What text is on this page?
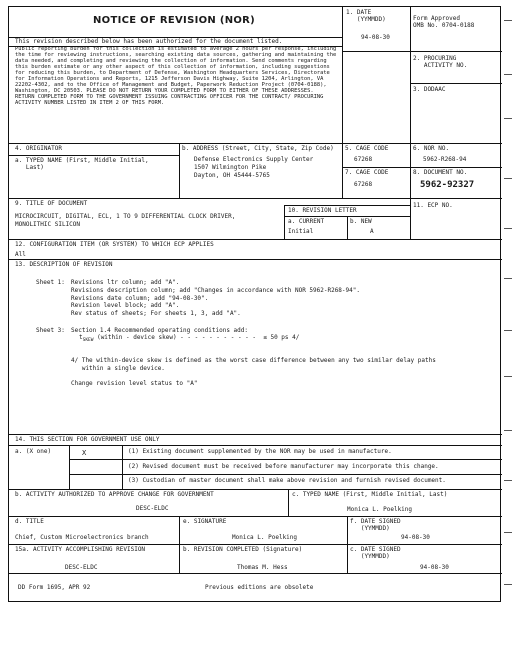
NOTICE OF REVISION (NOR)
This revision described below has been authorized for the document listed.
Public reporting burden for this collection is estimated to average 2 hours per response, including
the time for reviewing instructions, searching existing data sources, gathering and maintaining the
data needed, and completing and reviewing the collection of information. Send comments regarding
this burden estimate or any other aspect of this collection of information, including suggestions
for reducing this burden, to Department of Defense, Washington Headquarters Services, Directorate
for Information Operations and Reports, 1215 Jefferson Davis Highway, Suite 1204, Arlington, VA
22202-4302, and to the Office of Management and Budget, Paperwork Reduction Project (0704-0188),
Washington, DC 20503. PLEASE DO NOT RETURN YOUR COMPLETED FORM TO EITHER OF THESE ADDRESSES.
RETURN COMPLETED FORM TO THE GOVERNMENT ISSUING CONTRACTING OFFICER FOR THE CONTRACT/ PROCURING
ACTIVITY NUMBER LISTED IN ITEM 2 OF THIS FORM.
1. DATE
(YYMMDD)
94-08-30
Form Approved
OMB No. 0704-0188
2. PROCURING
ACTIVITY NO.
3. DODAAC
4. ORIGINATOR
a. TYPED NAME (First, Middle Initial,
Last)
b. ADDRESS (Street, City, State, Zip Code)
Defense Electronics Supply Center
1507 Wilmington Pike
Dayton, OH 45444-5765
5. CAGE CODE
67268
6. NOR NO.
5962-R268-94
7. CAGE CODE
67268
8. DOCUMENT NO.
5962-92327
9. TITLE OF DOCUMENT
MICROCIRCUIT, DIGITAL, ECL, 1 TO 9 DIFFERENTIAL CLOCK DRIVER,
MONOLITHIC SILICON
10. REVISION LETTER
a. CURRENT
Initial
b. NEW
A
11. ECP NO.
12. CONFIGURATION ITEM (OR SYSTEM) TO WHICH ECP APPLIES
All
13. DESCRIPTION OF REVISION
Sheet 1: Revisions ltr column; add "A".
Revisions description column; add "Changes in accordance with NOR 5962-R268-94".
Revisions date column; add "94-08-30".
Revision level block; add "A".
Rev status of sheets; For sheets 1, 3, add "A".
Sheet 3: Section 1.4 Recommended operating conditions add:
$t_{SKEW}$ (within - device skew) - - - - - - - - - - -  ≤ 50 ps 4/
4/ The within-device skew is defined as the worst case difference between any two similar delay paths
within a single device.
Change revision level status to "A"
14. THIS SECTION FOR GOVERNMENT USE ONLY
a. (X one)	X	(1) Existing document supplemented by the NOR may be used in manufacture.
(2) Revised document must be received before manufacturer may incorporate this change.
(3) Custodian of master document shall make above revision and furnish revised document.
b. ACTIVITY AUTHORIZED TO APPROVE CHANGE FOR GOVERNMENT
DESC-ELDC
c. TYPED NAME (First, Middle Initial, Last)
Monica L. Poelking
d. TITLE
Chief, Custom Microelectronics branch
e. SIGNATURE
Monica L. Poelking
f. DATE SIGNED
(YYMMDD)
94-08-30
15a. ACTIVITY ACCOMPLISHING REVISION
DESC-ELDC
b. REVISION COMPLETED (Signature)
Thomas M. Hess
c. DATE SIGNED
(YYMMDD)
94-08-30
DD Form 1695, APR 92	Previous editions are obsolete
